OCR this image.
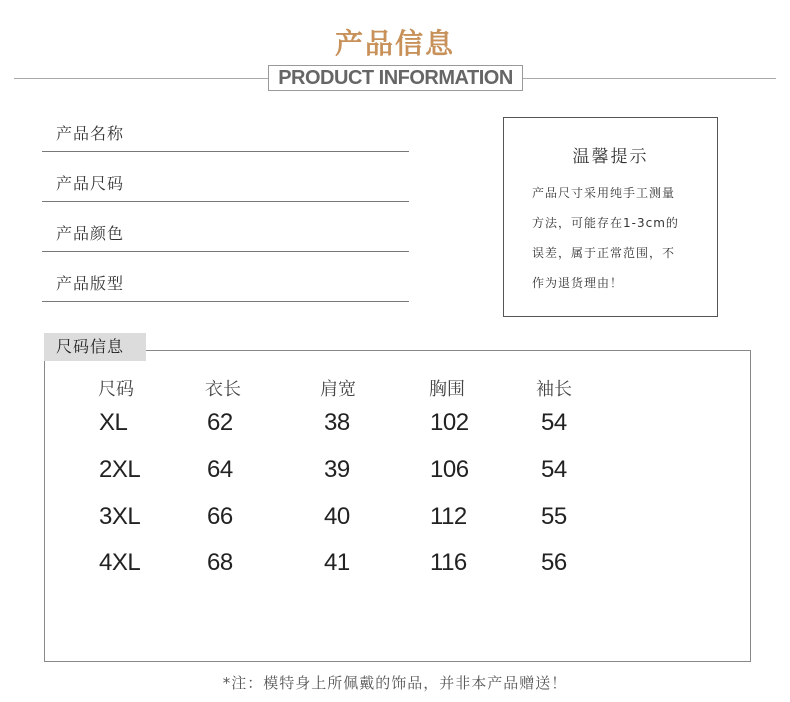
产品信息
PRODUCT INFORMATION
产品名称
产品尺码
产品颜色
产品版型
温馨提示
产品尺寸采用纯手工测量
方法，可能存在1-3cm的
误差，属于正常范围，不
作为退货理由！
尺码信息
尺码	衣长	肩宽	胸围	袖长
XL	62	38	102	54
2XL	64	39	106	54
3XL	66	40	112	55
4XL	68	41	116	56
*注：模特身上所佩戴的饰品，并非本产品赠送！
